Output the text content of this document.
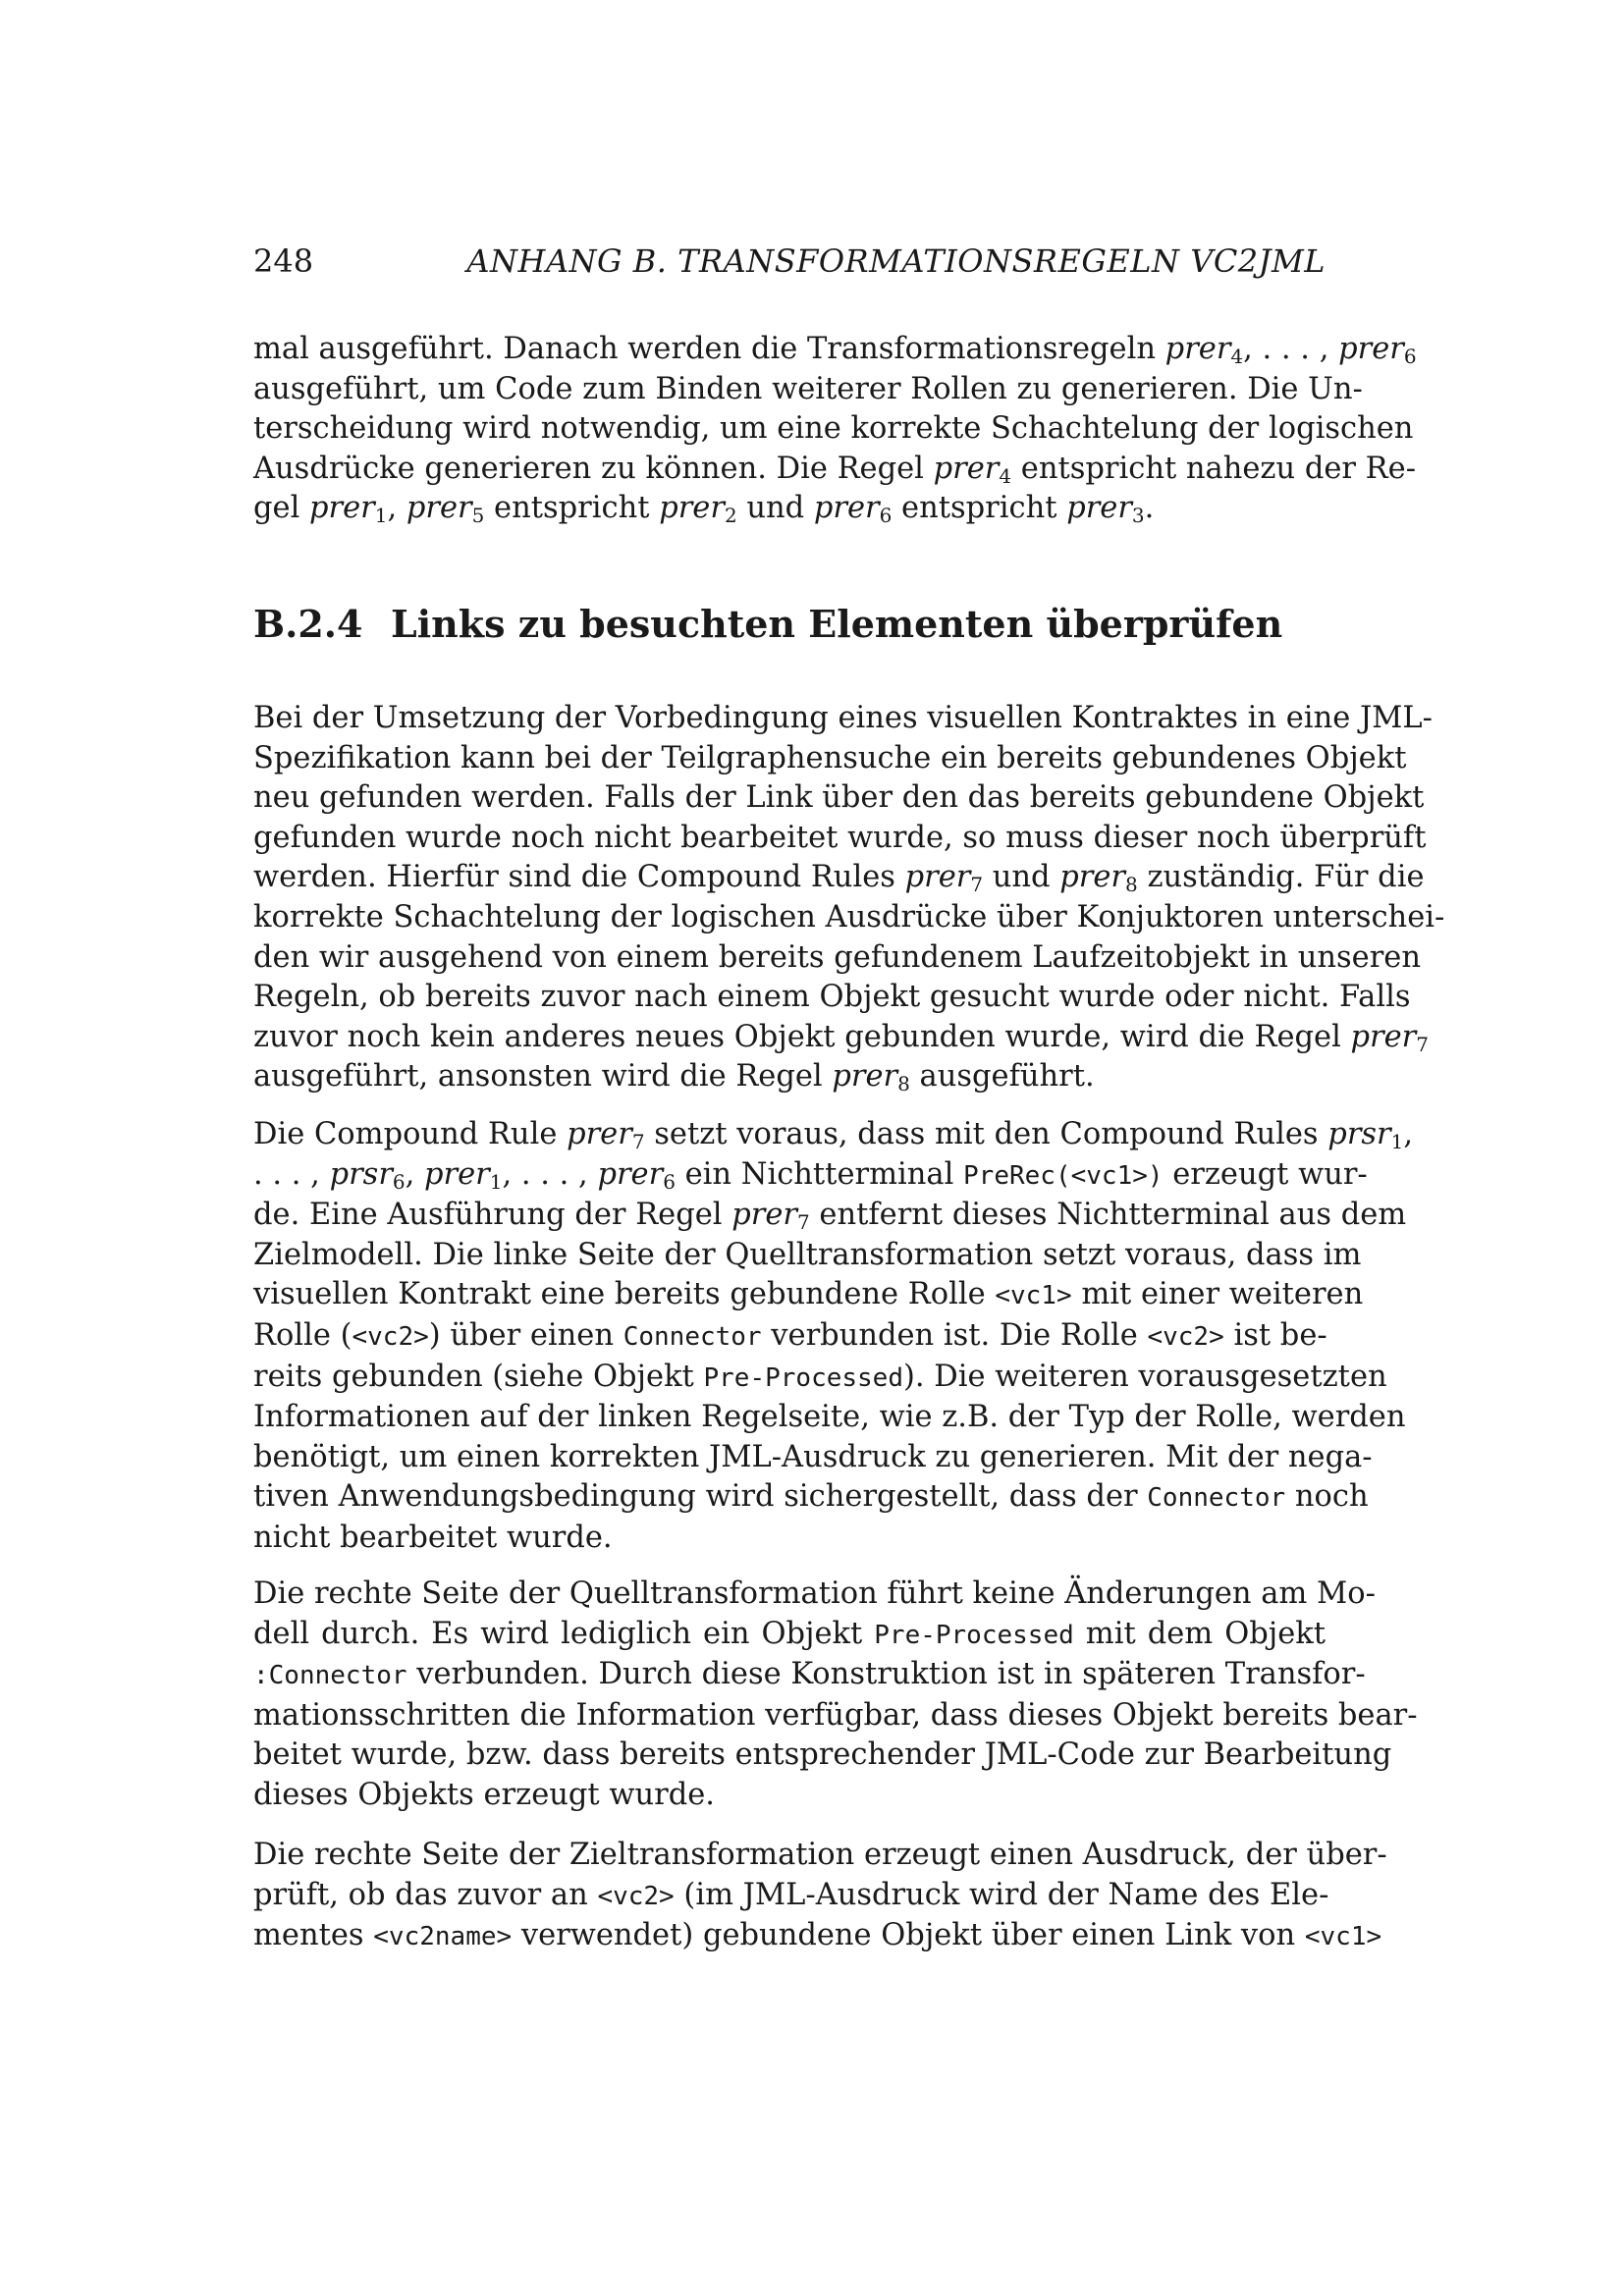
248	ANHANG B. TRANSFORMATIONSREGELN VC2JML
mal ausgeführt. Danach werden die Transformationsregeln prer$_4$, . . . , prer$_6$
ausgeführt, um Code zum Binden weiterer Rollen zu generieren. Die Un-
terscheidung wird notwendig, um eine korrekte Schachtelung der logischen
Ausdrücke generieren zu können. Die Regel prer$_4$ entspricht nahezu der Re-
gel prer$_1$, prer$_5$ entspricht prer$_2$ und prer$_6$ entspricht prer$_3$.
B.2.4 Links zu besuchten Elementen überprüfen
Bei der Umsetzung der Vorbedingung eines visuellen Kontraktes in eine JML-
Spezifikation kann bei der Teilgraphensuche ein bereits gebundenes Objekt
neu gefunden werden. Falls der Link über den das bereits gebundene Objekt
gefunden wurde noch nicht bearbeitet wurde, so muss dieser noch überprüft
werden. Hierfür sind die Compound Rules prer$_7$ und prer$_8$ zuständig. Für die
korrekte Schachtelung der logischen Ausdrücke über Konjuktoren unterschei-
den wir ausgehend von einem bereits gefundenem Laufzeitobjekt in unseren
Regeln, ob bereits zuvor nach einem Objekt gesucht wurde oder nicht. Falls
zuvor noch kein anderes neues Objekt gebunden wurde, wird die Regel prer$_7$
ausgeführt, ansonsten wird die Regel prer$_8$ ausgeführt.
Die Compound Rule prer$_7$ setzt voraus, dass mit den Compound Rules prsr$_1$,
. . . , prsr$_6$, prer$_1$, . . . , prer$_6$ ein Nichtterminal PreRec(<vc1>) erzeugt wur-
de. Eine Ausführung der Regel prer$_7$ entfernt dieses Nichtterminal aus dem
Zielmodell. Die linke Seite der Quelltransformation setzt voraus, dass im
visuellen Kontrakt eine bereits gebundene Rolle <vc1> mit einer weiteren
Rolle (<vc2>) über einen Connector verbunden ist. Die Rolle <vc2> ist be-
reits gebunden (siehe Objekt Pre-Processed). Die weiteren vorausgesetzten
Informationen auf der linken Regelseite, wie z.B. der Typ der Rolle, werden
benötigt, um einen korrekten JML-Ausdruck zu generieren. Mit der nega-
tiven Anwendungsbedingung wird sichergestellt, dass der Connector noch
nicht bearbeitet wurde.
Die rechte Seite der Quelltransformation führt keine Änderungen am Mo-
dell durch. Es wird lediglich ein Objekt Pre-Processed mit dem Objekt
:Connector verbunden. Durch diese Konstruktion ist in späteren Transfor-
mationsschritten die Information verfügbar, dass dieses Objekt bereits bear-
beitet wurde, bzw. dass bereits entsprechender JML-Code zur Bearbeitung
dieses Objekts erzeugt wurde.
Die rechte Seite der Zieltransformation erzeugt einen Ausdruck, der über-
prüft, ob das zuvor an <vc2> (im JML-Ausdruck wird der Name des Ele-
mentes <vc2name> verwendet) gebundene Objekt über einen Link von <vc1>
